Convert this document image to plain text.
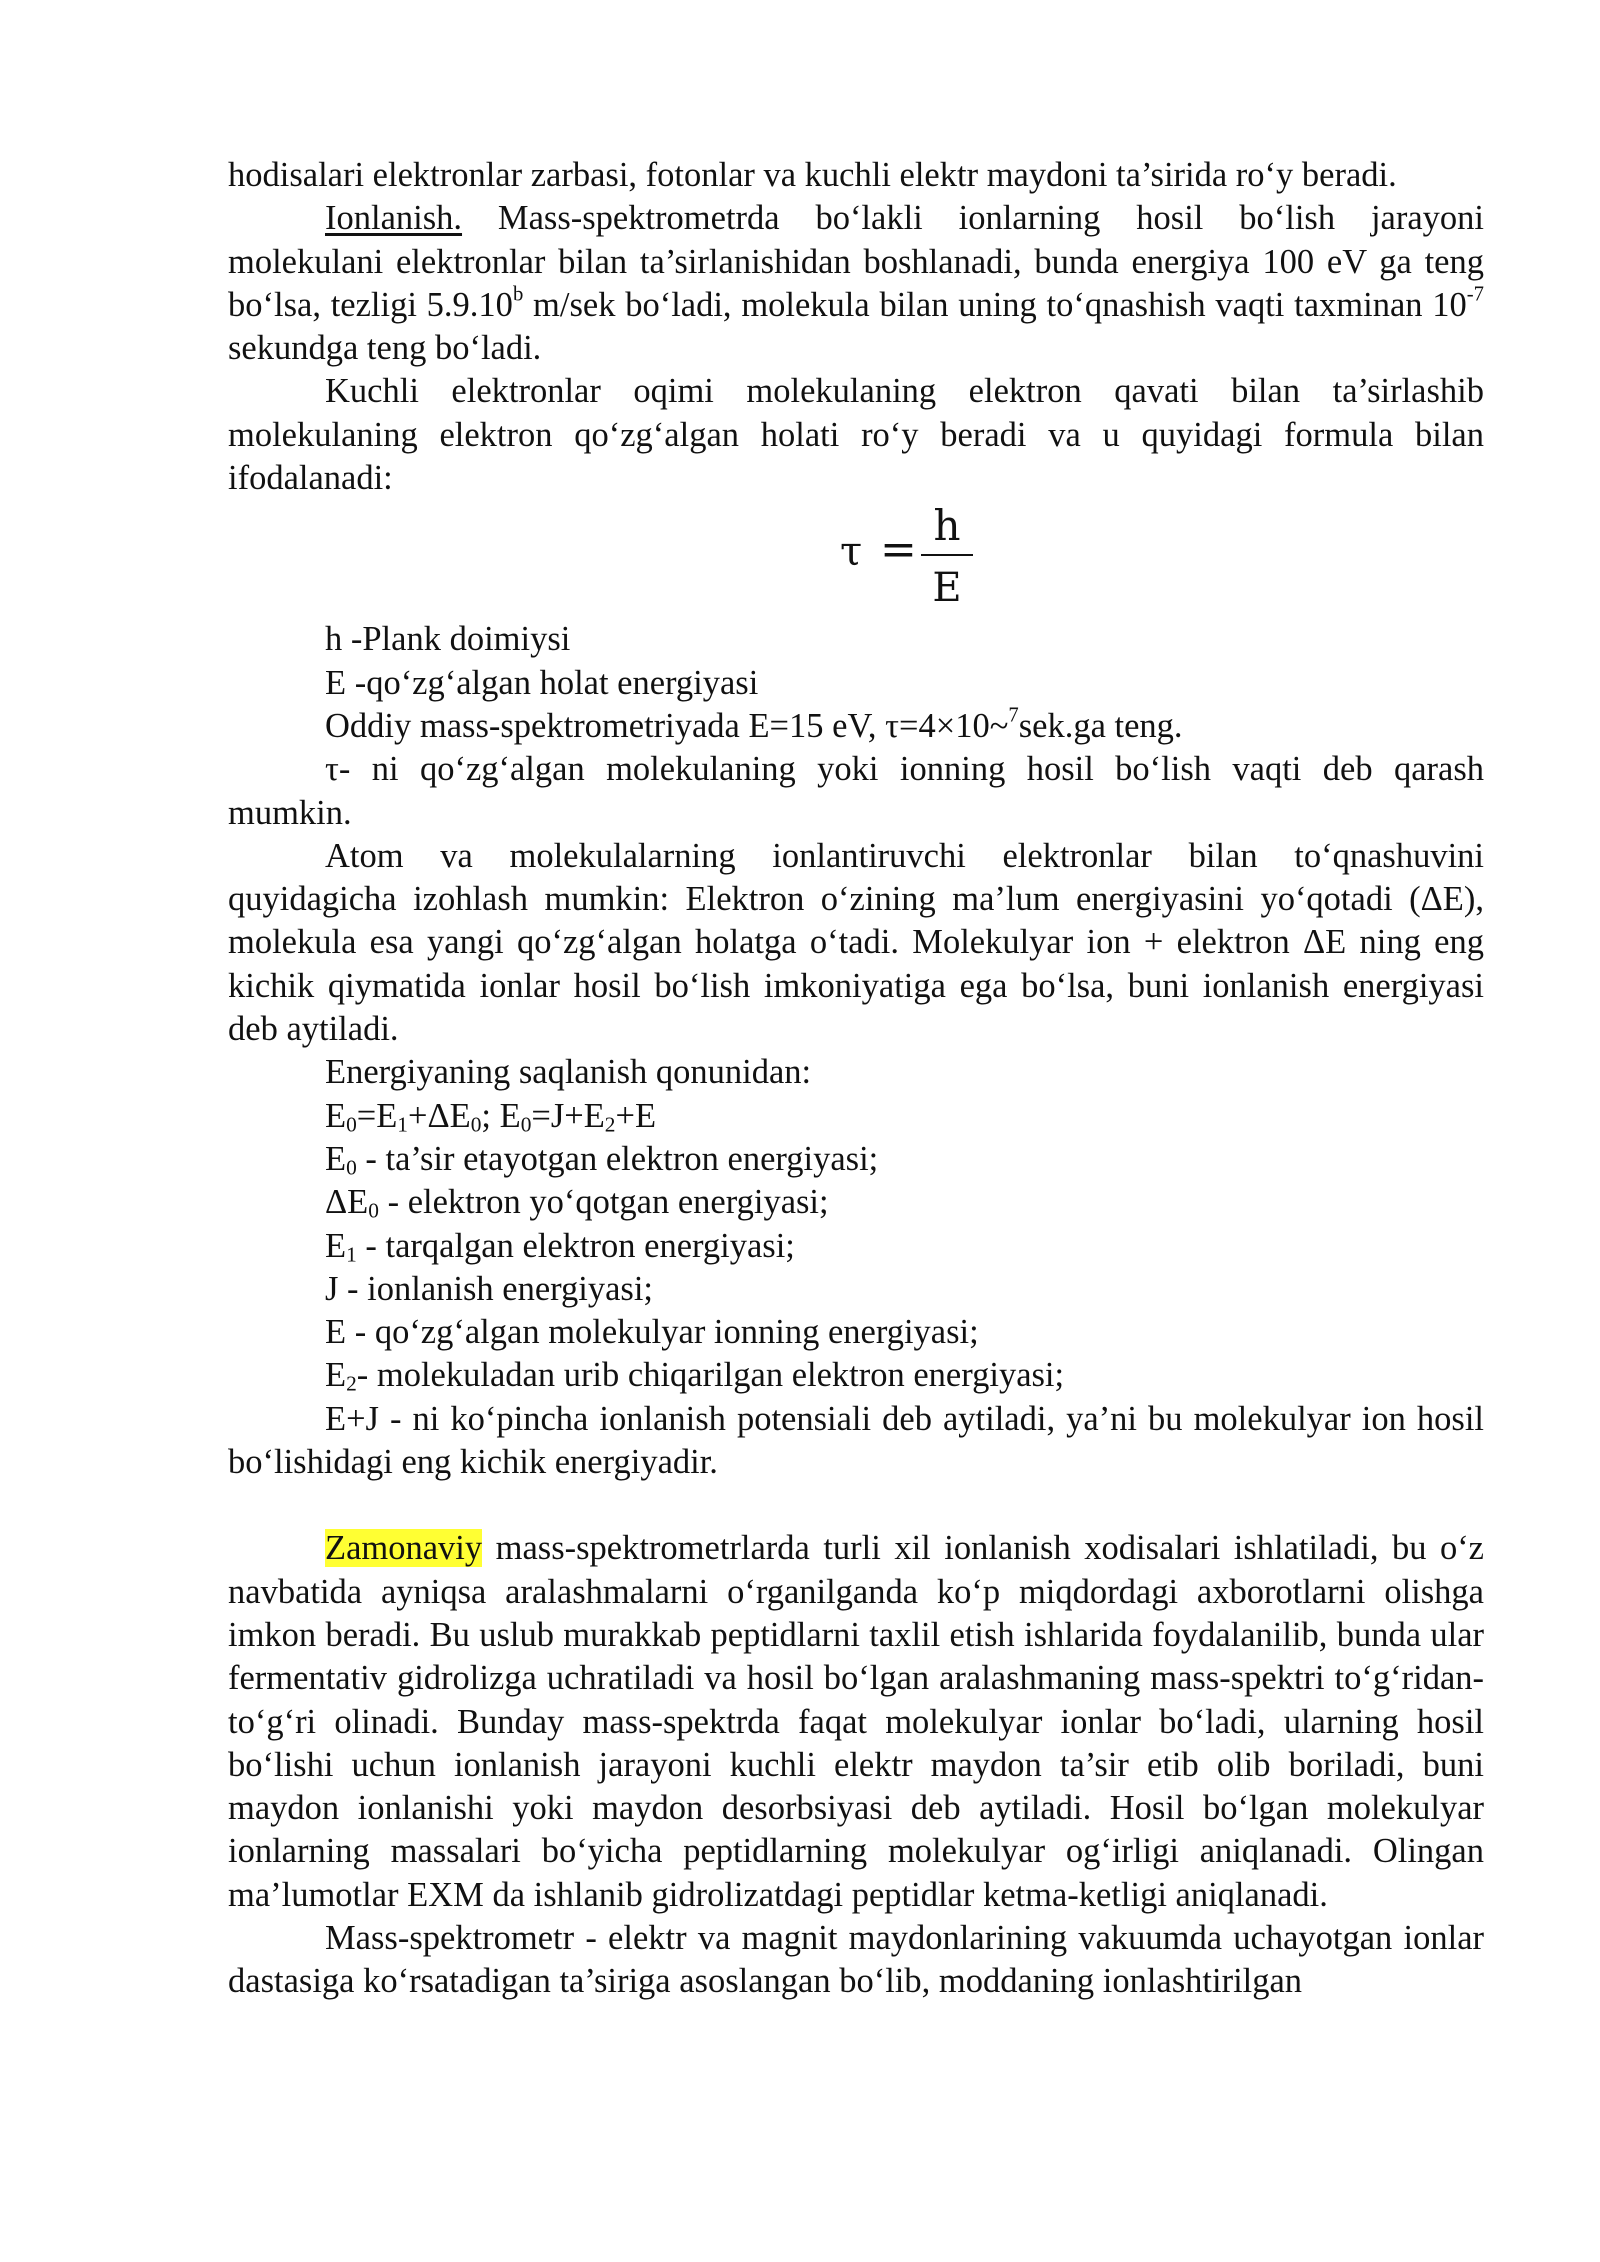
hodisalari elektronlar zarbasi, fotonlar va kuchli elektr maydoni ta’sirida ro‘y beradi.

Ionlanish. Mass-spektrometrda bo‘lakli ionlarning hosil bo‘lish jarayoni molekulani elektronlar bilan ta’sirlanishidan boshlanadi, bunda energiya 100 eV ga teng bo‘lsa, tezligi 5.9.10$^b$ m/sek bo‘ladi, molekula bilan uning to‘qnashish vaqti taxminan $10^{-7}$ sekundga teng bo‘ladi.

Kuchli elektronlar oqimi molekulaning elektron qavati bilan ta’sirlashib molekulaning elektron qo‘zg‘algan holati ro‘y beradi va u quyidagi formula bilan ifodalanadi:

τ = h
E

h -Plank doimiysi

E -qo‘zg‘algan holat energiyasi

Oddiy mass-spektrometriyada E=15 eV, τ=4×10~$^7$sek.ga teng.

τ- ni qo‘zg‘algan molekulaning yoki ionning hosil bo‘lish vaqti deb qarash mumkin.

Atom va molekulalarning ionlantiruvchi elektronlar bilan to‘qnashuvini quyidagicha izohlash mumkin: Elektron o‘zining ma’lum energiyasini yo‘qotadi (ΔE), molekula esa yangi qo‘zg‘algan holatga o‘tadi. Molekulyar ion + elektron ΔE ning eng kichik qiymatida ionlar hosil bo‘lish imkoniyatiga ega bo‘lsa, buni ionlanish energiyasi deb aytiladi.

Energiyaning saqlanish qonunidan:

$E_0=E_1+\Delta E_0$; $E_0=J+E_2+E$

$E_0$ - ta’sir etayotgan elektron energiyasi;

$\Delta E_0$ - elektron yo‘qotgan energiyasi;

$E_1$ - tarqalgan elektron energiyasi;

J - ionlanish energiyasi;

E - qo‘zg‘algan molekulyar ionning energiyasi;

$E_2-$ molekuladan urib chiqarilgan elektron energiyasi;

E+J - ni ko‘pincha ionlanish potensiali deb aytiladi, ya’ni bu molekulyar ion hosil bo‘lishidagi eng kichik energiyadir.

Zamonaviy mass-spektrometrlarda turli xil ionlanish xodisalari ishlatiladi, bu o‘z navbatida ayniqsa aralashmalarni o‘rganilganda ko‘p miqdordagi axborotlarni olishga imkon beradi. Bu uslub murakkab peptidlarni taxlil etish ishlarida foydalanilib, bunda ular fermentativ gidrolizga uchratiladi va hosil bo‘lgan aralashmaning mass-spektri to‘g‘ridan-to‘g‘ri olinadi. Bunday mass-spektrda faqat molekulyar ionlar bo‘ladi, ularning hosil bo‘lishi uchun ionlanish jarayoni kuchli elektr maydon ta’sir etib olib boriladi, buni maydon ionlanishi yoki maydon desorbsiyasi deb aytiladi. Hosil bo‘lgan molekulyar ionlarning massalari bo‘yicha peptidlarning molekulyar og‘irligi aniqlanadi. Olingan ma’lumotlar EXM da ishlanib gidrolizatdagi peptidlar ketma-ketligi aniqlanadi.

Mass-spektrometr - elektr va magnit maydonlarining vakuumda uchayotgan ionlar dastasiga ko‘rsatadigan ta’siriga asoslangan bo‘lib, moddaning ionlashtirilgan
